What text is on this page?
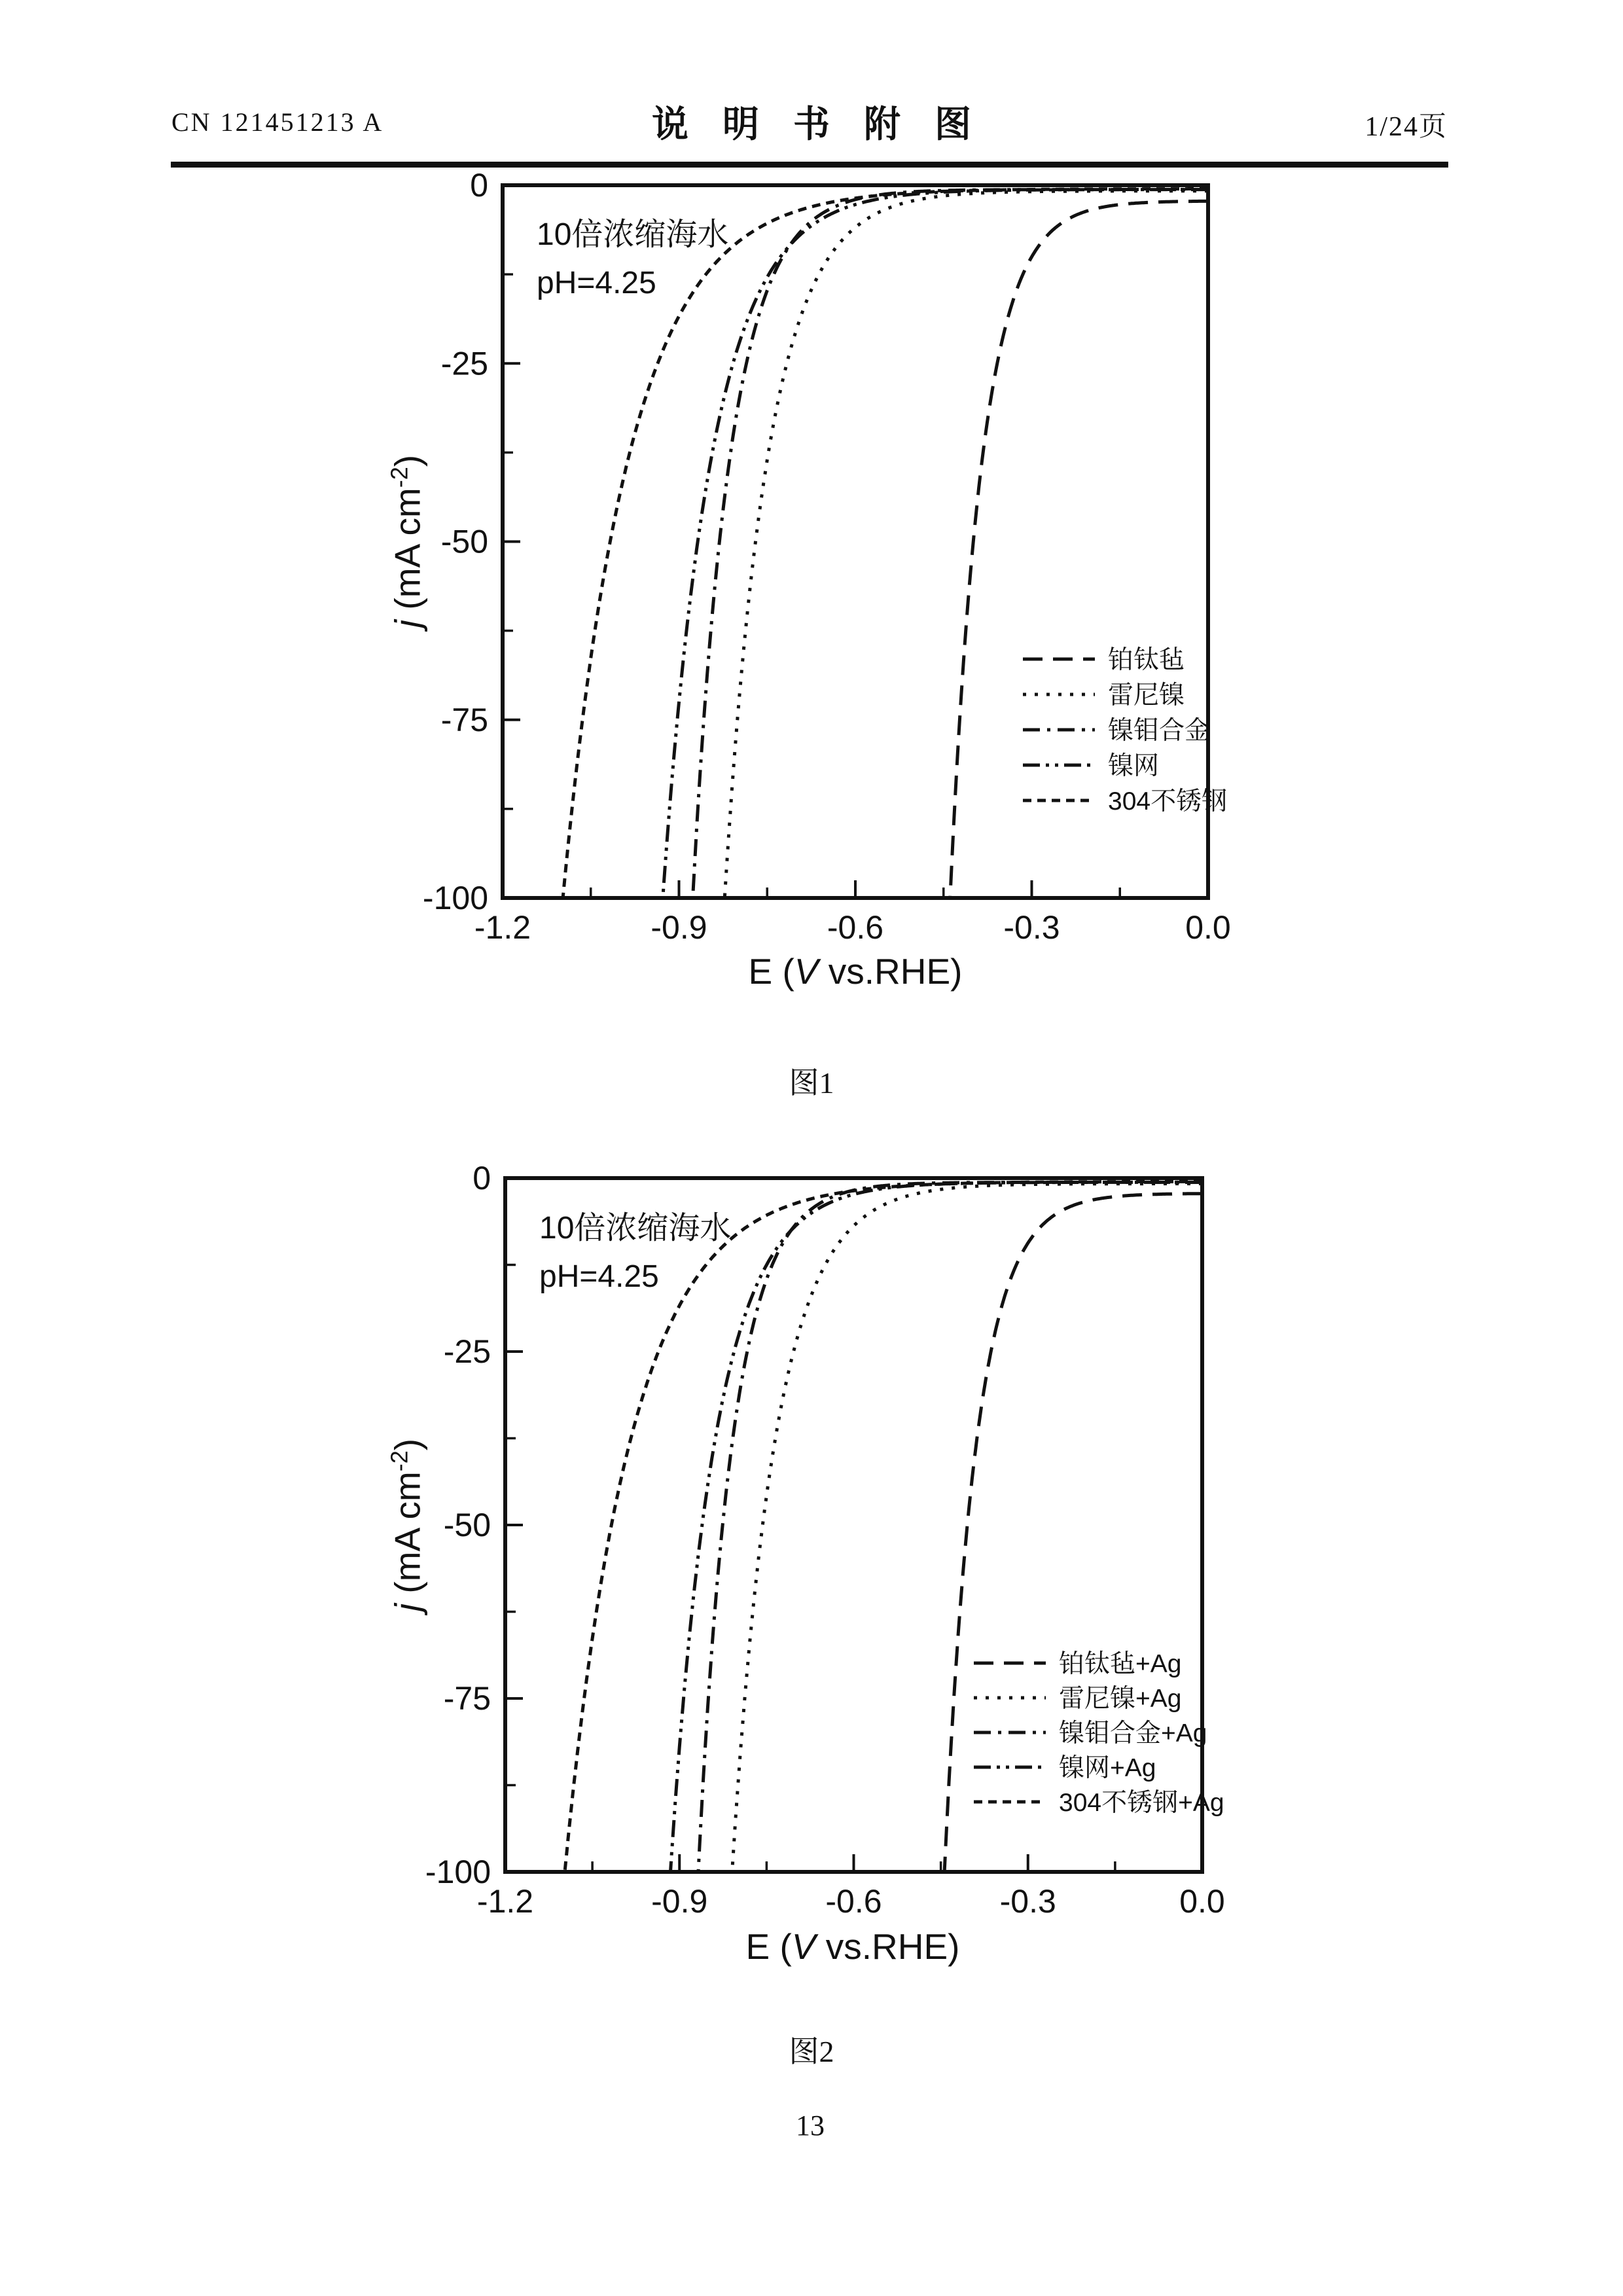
CN 121451213 A	说明书附图	1/24页
-1.2	-0.9	-0.6	-0.3	0.0
0
-25
-50
-75
-100
铂钛毡
雷尼镍
镍钼合金
镍网
304不锈钢
10倍浓缩海水
pH=4.25
E (V vs.RHE)
j (mA $cm^{-2}$)
图1
-1.2	-0.9	-0.6	-0.3	0.0
0
-25
-50
-75
-100
铂钛毡+Ag
雷尼镍+Ag
镍钼合金+Ag
镍网+Ag
304不锈钢+Ag
10倍浓缩海水
pH=4.25
E (V vs.RHE)
j (mA $cm^{-2}$)
图2
13
